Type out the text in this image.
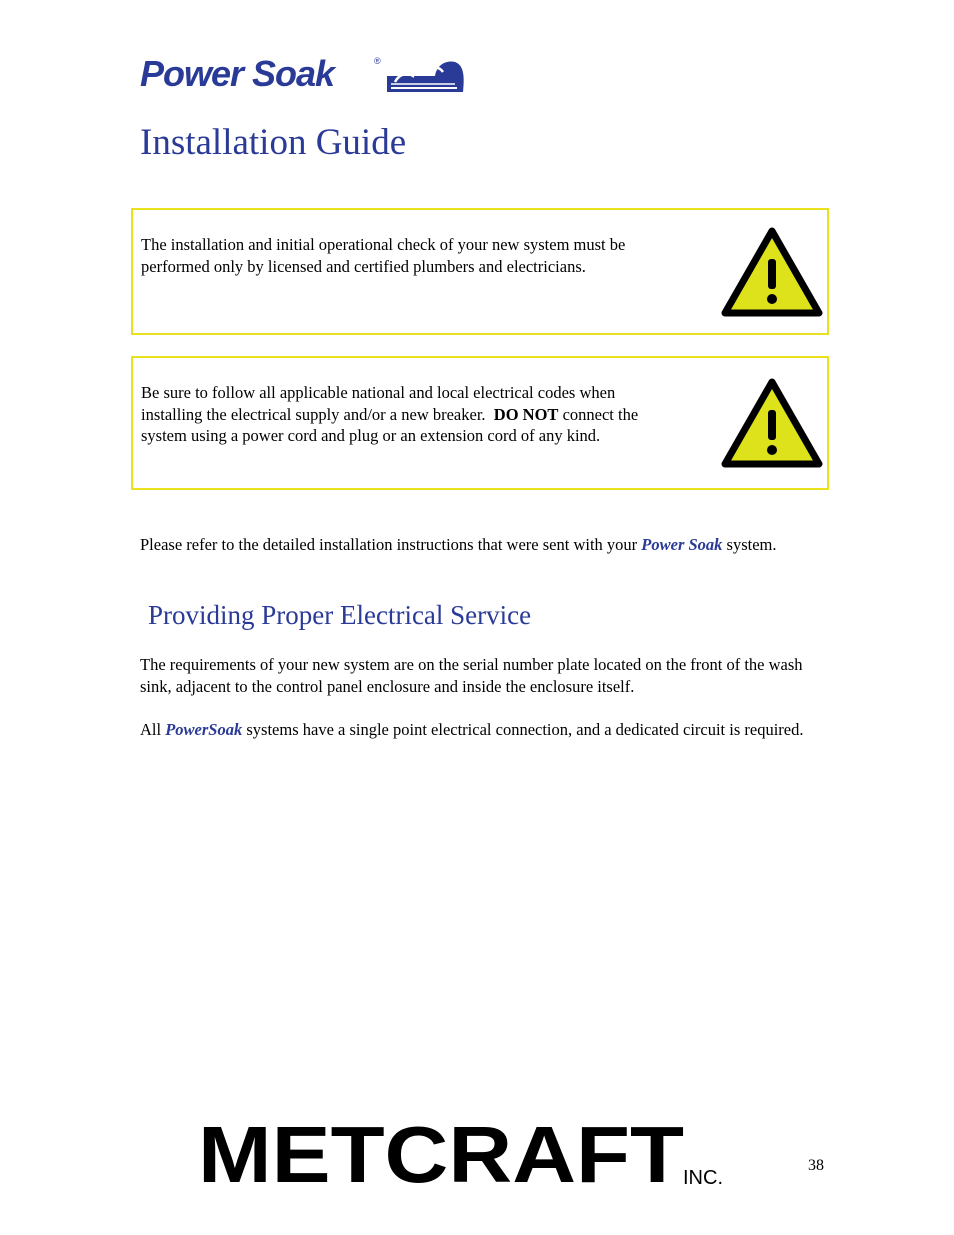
Power Soak	®
Installation Guide
The installation and initial operational check of your new system must be performed only by licensed and certified plumbers and electricians.
Be sure to follow all applicable national and local electrical codes when installing the electrical supply and/or a new breaker. DO NOT connect the system using a power cord and plug or an extension cord of any kind.
Please refer to the detailed installation instructions that were sent with your Power Soak system.
Providing Proper Electrical Service
The requirements of your new system are on the serial number plate located on the front of the wash sink, adjacent to the control panel enclosure and inside the enclosure itself.
All PowerSoak systems have a single point electrical connection, and a dedicated circuit is required.
METCRAFT
INC.
38
